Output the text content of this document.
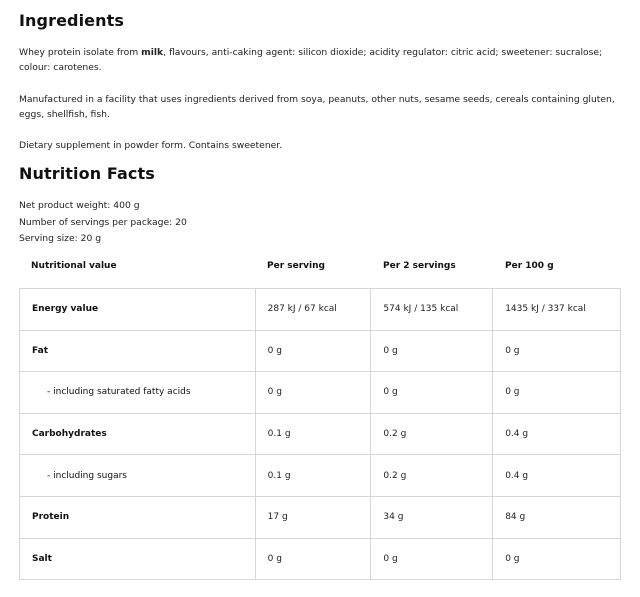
Ingredients

Whey protein isolate from milk, flavours, anti-caking agent: silicon dioxide; acidity regulator: citric acid; sweetener: sucralose; colour: carotenes.

Manufactured in a facility that uses ingredients derived from soya, peanuts, other nuts, sesame seeds, cereals containing gluten, eggs, shellfish, fish.

Dietary supplement in powder form. Contains sweetener.

Nutrition Facts
Net product weight: 400 g
Number of servings per package: 20
Serving size: 20 g
Nutritional value	Per serving	Per 2 servings	Per 100 g
Energy value	287 kJ / 67 kcal	574 kJ / 135 kcal	1435 kJ / 337 kcal
Fat	0 g	0 g	0 g
- including saturated fatty acids	0 g	0 g	0 g
Carbohydrates	0.1 g	0.2 g	0.4 g
- including sugars	0.1 g	0.2 g	0.4 g
Protein	17 g	34 g	84 g
Salt	0 g	0 g	0 g
